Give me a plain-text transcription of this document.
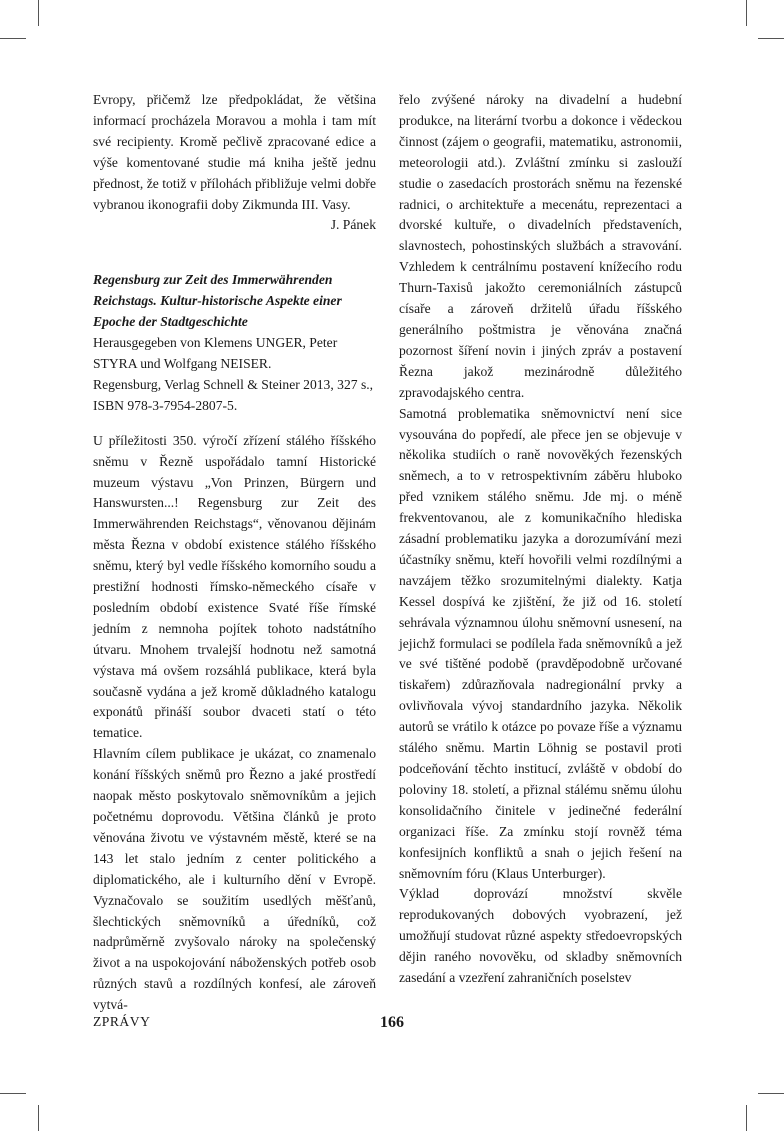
Evropy, přičemž lze předpokládat, že většina informací procházela Moravou a mohla i tam mít své recipienty. Kromě pečlivě zpracované edice a výše komentované studie má kniha ještě jednu přednost, že totiž v přílohách přibližuje velmi dobře vybranou ikonografii doby Zikmunda III. Vasy.

J. Pánek

Regensburg zur Zeit des Immerwährenden Reichstags. Kultur-historische Aspekte einer Epoche der Stadtgeschichte
Herausgegeben von Klemens UNGER, Peter STYRA und Wolfgang NEISER.
Regensburg, Verlag Schnell & Steiner 2013, 327 s., ISBN 978-3-7954-2807-5.

U příležitosti 350. výročí zřízení stálého říšského sněmu v Řezně uspořádalo tamní Historické muzeum výstavu „Von Prinzen, Bürgern und Hanswursten...! Regensburg zur Zeit des Immerwährenden Reichstags“, věnovanou dějinám města Řezna v období existence stálého říšského sněmu, který byl vedle říšského komorního soudu a prestižní hodnosti římsko-německého císaře v posledním období existence Svaté říše římské jedním z nemnoha pojítek tohoto nadstátního útvaru. Mnohem trvalejší hodnotu než samotná výstava má ovšem rozsáhlá publikace, která byla současně vydána a jež kromě důkladného katalogu exponátů přináší soubor dvaceti statí o této tematice.

Hlavním cílem publikace je ukázat, co znamenalo konání říšských sněmů pro Řezno a jaké prostředí naopak město poskytovalo sněmovníkům a jejich početnému doprovodu. Většina článků je proto věnována životu ve výstavném městě, které se na 143 let stalo jedním z center politického a diplomatického, ale i kulturního dění v Evropě. Vyznačovalo se soužitím usedlých měšťanů, šlechtických sněmovníků a úředníků, což nadprůměrně zvyšovalo nároky na společenský život a na uspokojování náboženských potřeb osob různých stavů a rozdílných konfesí, ale zároveň vytvá-

řelo zvýšené nároky na divadelní a hudební produkce, na literární tvorbu a dokonce i vědeckou činnost (zájem o geografii, matematiku, astronomii, meteorologii atd.). Zvláštní zmínku si zaslouží studie o zasedacích prostorách sněmu na řezenské radnici, o architektuře a mecenátu, reprezentaci a dvorské kultuře, o divadelních představeních, slavnostech, pohostinských službách a stravování. Vzhledem k centrálnímu postavení knížecího rodu Thurn-Taxisů jakožto ceremoniálních zástupců císaře a zároveň držitelů úřadu říšského generálního poštmistra je věnována značná pozornost šíření novin i jiných zpráv a postavení Řezna jakož mezinárodně důležitého zpravodajského centra.

Samotná problematika sněmovnictví není sice vysouvána do popředí, ale přece jen se objevuje v několika studiích o raně novověkých řezenských sněmech, a to v retrospektivním záběru hluboko před vznikem stálého sněmu. Jde mj. o méně frekventovanou, ale z komunikačního hlediska zásadní problematiku jazyka a dorozumívání mezi účastníky sněmu, kteří hovořili velmi rozdílnými a navzájem těžko srozumitelnými dialekty. Katja Kessel dospívá ke zjištění, že již od 16. století sehrávala významnou úlohu sněmovní usnesení, na jejichž formulaci se podílela řada sněmovníků a jež ve své tištěné podobě (pravděpodobně určované tiskařem) zdůrazňovala nadregionální prvky a ovlivňovala vývoj standardního jazyka. Několik autorů se vrátilo k otázce po povaze říše a významu stálého sněmu. Martin Löhnig se postavil proti podceňování těchto institucí, zvláště v období do poloviny 18. století, a přiznal stálému sněmu úlohu konsolidačního činitele v jedinečné federální organizaci říše. Za zmínku stojí rovněž téma konfesijních konfliktů a snah o jejich řešení na sněmovním fóru (Klaus Unterburger).

Výklad doprovází množství skvěle reprodukovaných dobových vyobrazení, jež umožňují studovat různé aspekty středoevropských dějin raného novověku, od skladby sněmovních zasedání a vzezření zahraničních poselstev

ZPRÁVY	166
